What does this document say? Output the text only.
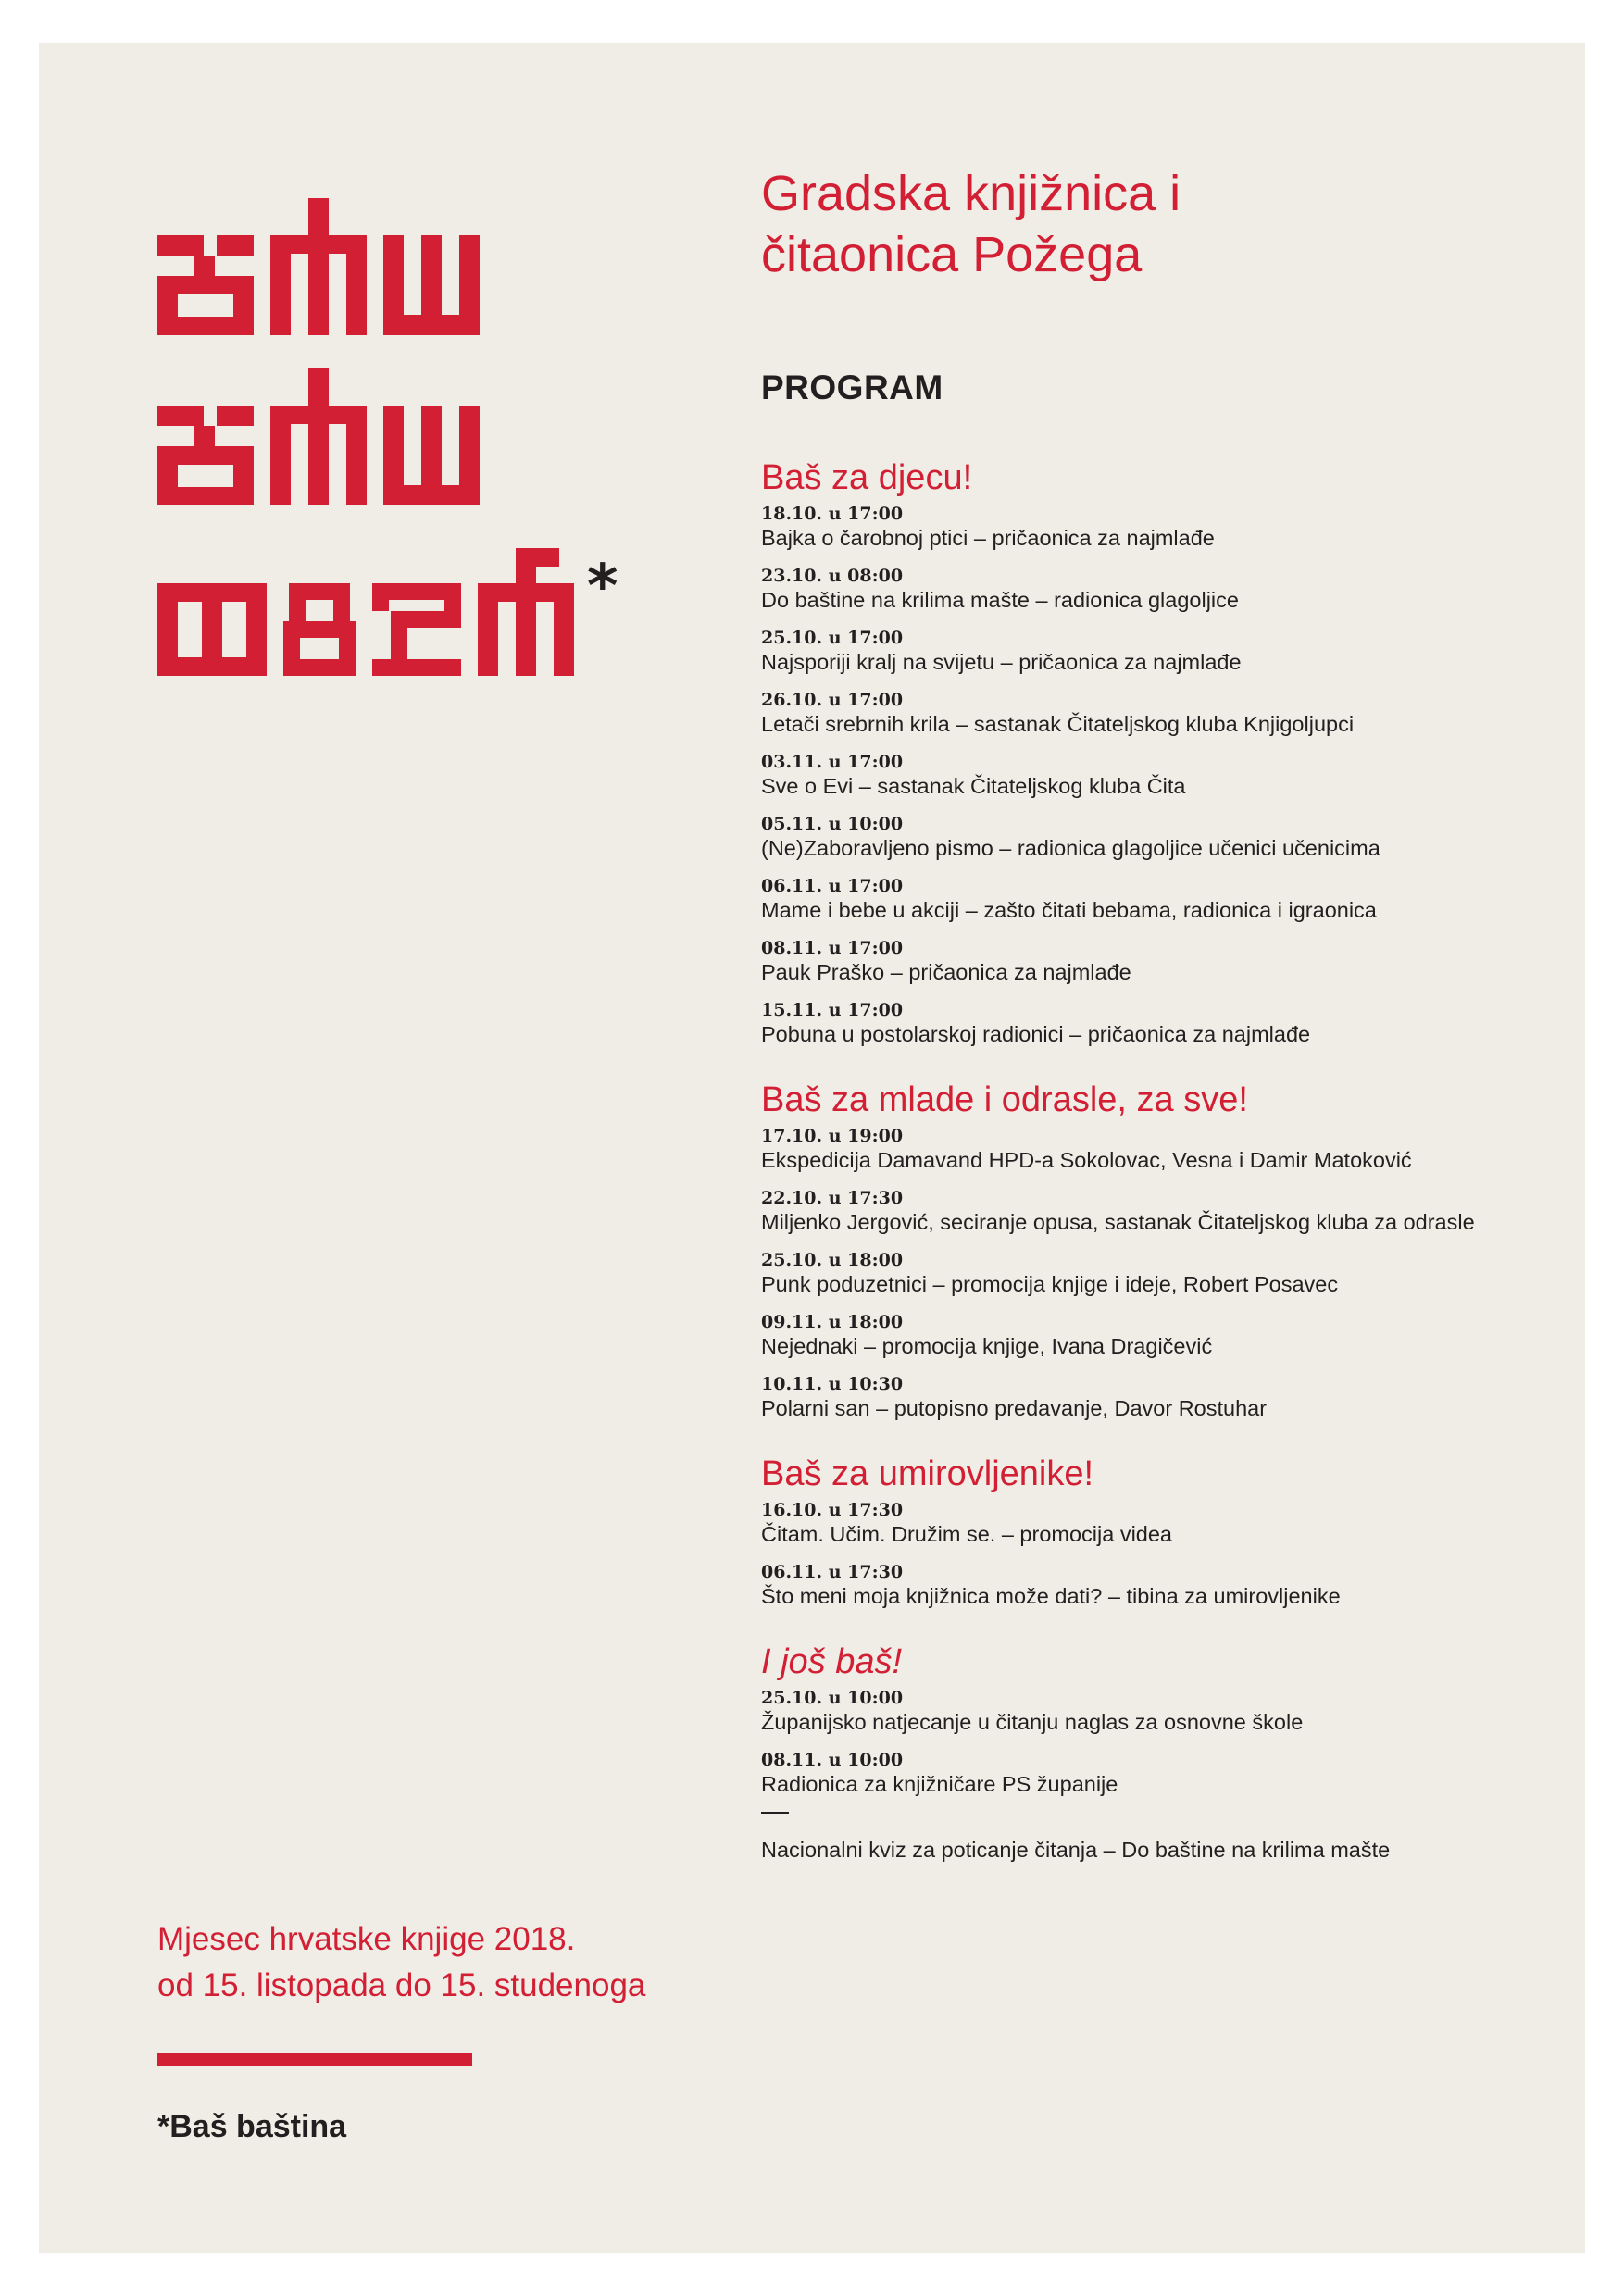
*
Mjesec hrvatske knjige 2018.
od 15. listopada do 15. studenoga
*Baš baština
Gradska knjižnica i
čitaonica Požega
PROGRAM
Baš za djecu!
18.10. u 17:00
Bajka o čarobnoj ptici – pričaonica za najmlađe
23.10. u 08:00
Do baštine na krilima mašte – radionica glagoljice
25.10. u 17:00
Najsporiji kralj na svijetu – pričaonica za najmlađe
26.10. u 17:00
Letači srebrnih krila – sastanak Čitateljskog kluba Knjigoljupci
03.11. u 17:00
Sve o Evi – sastanak Čitateljskog kluba Čita
05.11. u 10:00
(Ne)Zaboravljeno pismo – radionica glagoljice učenici učenicima
06.11. u 17:00
Mame i bebe u akciji – zašto čitati bebama, radionica i igraonica
08.11. u 17:00
Pauk Praško – pričaonica za najmlađe
15.11. u 17:00
Pobuna u postolarskoj radionici – pričaonica za najmlađe
Baš za mlade i odrasle, za sve!
17.10. u 19:00
Ekspedicija Damavand HPD-a Sokolovac, Vesna i Damir Matoković
22.10. u 17:30
Miljenko Jergović, seciranje opusa, sastanak Čitateljskog kluba za odrasle
25.10. u 18:00
Punk poduzetnici – promocija knjige i ideje, Robert Posavec
09.11. u 18:00
Nejednaki – promocija knjige, Ivana Dragičević
10.11. u 10:30
Polarni san – putopisno predavanje, Davor Rostuhar
Baš za umirovljenike!
16.10. u 17:30
Čitam. Učim. Družim se. – promocija videa
06.11. u 17:30
Što meni moja knjižnica može dati? – tibina za umirovljenike
I još baš!
25.10. u 10:00
Županijsko natjecanje u čitanju naglas za osnovne škole
08.11. u 10:00
Radionica za knjižničare PS županije
Nacionalni kviz za poticanje čitanja – Do baštine na krilima mašte
